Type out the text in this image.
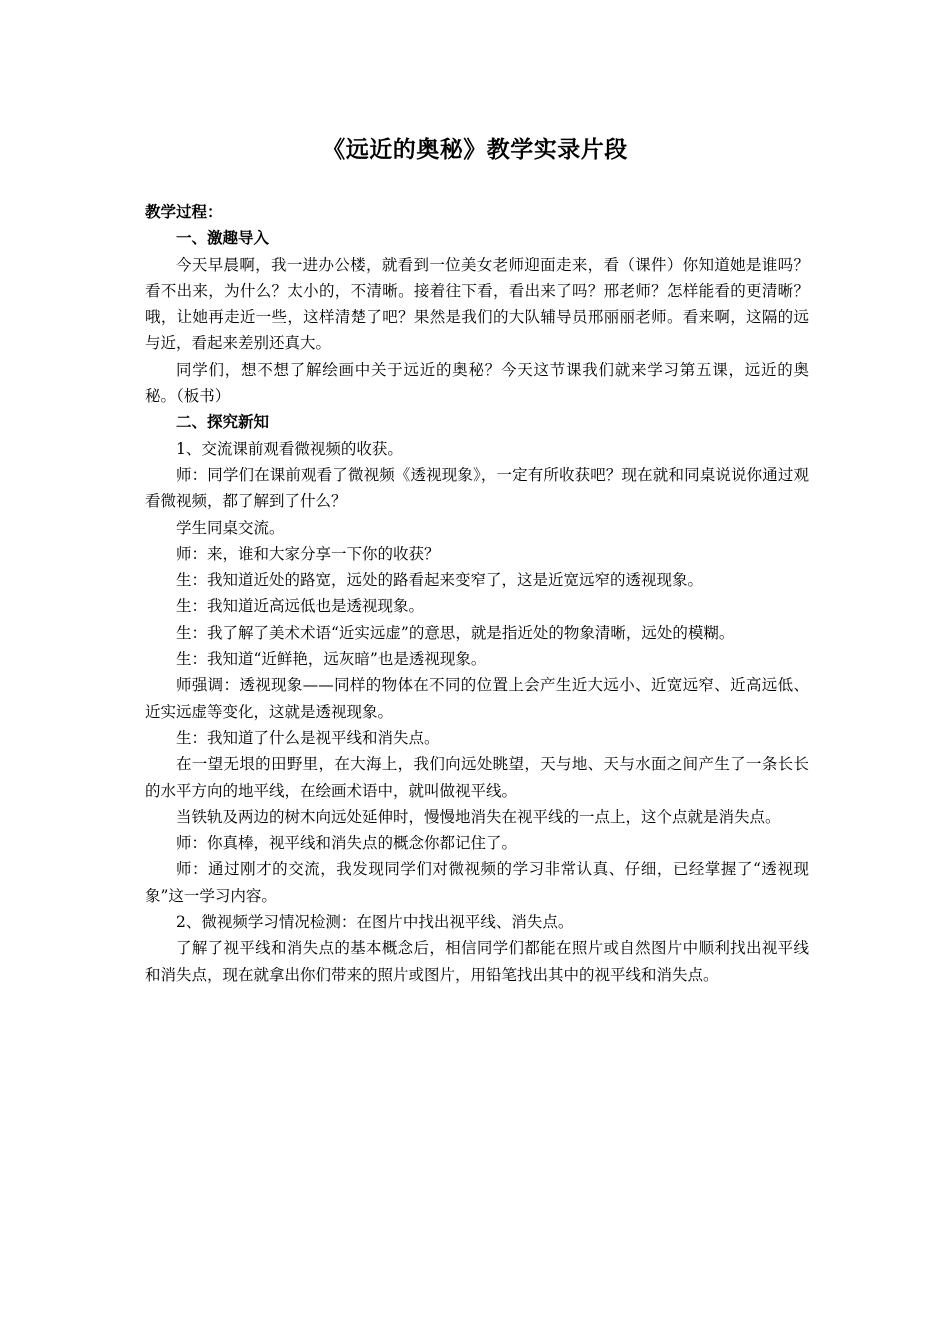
《远近的奥秘》教学实录片段

教学过程：

一、激趣导入

今天早晨啊，我一进办公楼，就看到一位美女老师迎面走来，看（课件）你知道她是谁吗？看不出来，为什么？太小的，不清晰。接着往下看，看出来了吗？邢老师？怎样能看的更清晰？哦，让她再走近一些，这样清楚了吧？果然是我们的大队辅导员邢丽丽老师。看来啊，这隔的远与近，看起来差别还真大。

同学们，想不想了解绘画中关于远近的奥秘？今天这节课我们就来学习第五课，远近的奥秘。（板书）

二、探究新知

1、交流课前观看微视频的收获。

师：同学们在课前观看了微视频《透视现象》，一定有所收获吧？现在就和同桌说说你通过观看微视频，都了解到了什么？

学生同桌交流。

师：来，谁和大家分享一下你的收获？

生：我知道近处的路宽，远处的路看起来变窄了，这是近宽远窄的透视现象。

生：我知道近高远低也是透视现象。

生：我了解了美术术语“近实远虚”的意思，就是指近处的物象清晰，远处的模糊。

生：我知道“近鲜艳，远灰暗”也是透视现象。

师强调：透视现象——同样的物体在不同的位置上会产生近大远小、近宽远窄、近高远低、近实远虚等变化，这就是透视现象。

生：我知道了什么是视平线和消失点。

在一望无垠的田野里，在大海上，我们向远处眺望，天与地、天与水面之间产生了一条长长的水平方向的地平线，在绘画术语中，就叫做视平线。

当铁轨及两边的树木向远处延伸时，慢慢地消失在视平线的一点上，这个点就是消失点。

师：你真棒，视平线和消失点的概念你都记住了。

师：通过刚才的交流，我发现同学们对微视频的学习非常认真、仔细，已经掌握了“透视现象”这一学习内容。

2、微视频学习情况检测：在图片中找出视平线、消失点。

了解了视平线和消失点的基本概念后，相信同学们都能在照片或自然图片中顺利找出视平线和消失点，现在就拿出你们带来的照片或图片，用铅笔找出其中的视平线和消失点。
